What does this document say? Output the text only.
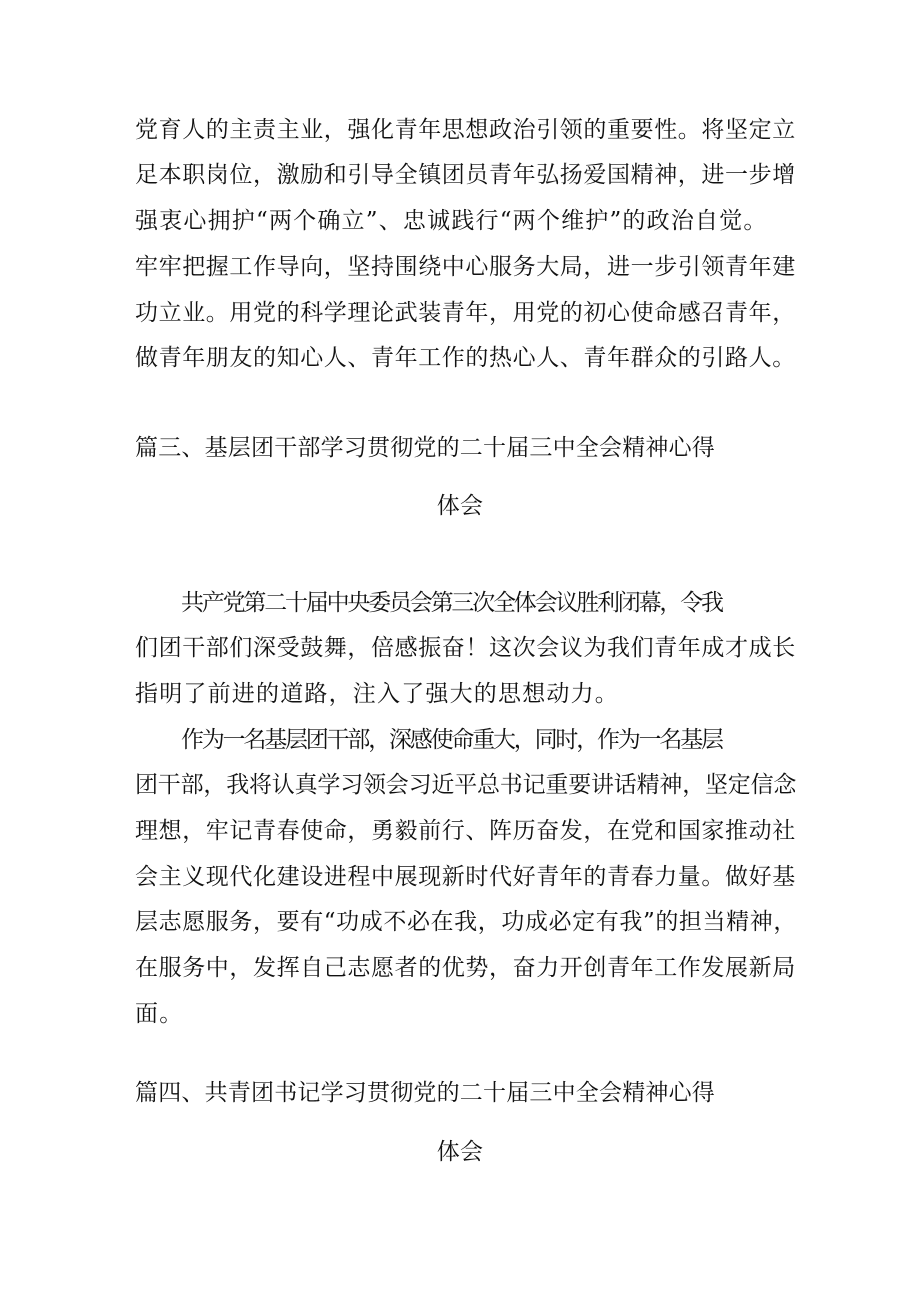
党育人的主责主业，强化青年思想政治引领的重要性。将坚定立

足本职岗位，激励和引导全镇团员青年弘扬爱国精神，进一步增

强衷心拥护“两个确立”、忠诚践行“两个维护”的政治自觉。

牢牢把握工作导向，坚持围绕中心服务大局，进一步引领青年建

功立业。用党的科学理论武装青年，用党的初心使命感召青年，

做青年朋友的知心人、青年工作的热心人、青年群众的引路人。

篇三、基层团干部学习贯彻党的二十届三中全会精神心得
体会

共产党第二十届中央委员会第三次全体会议胜利闭幕，令我

们团干部们深受鼓舞，倍感振奋！这次会议为我们青年成才成长

指明了前进的道路，注入了强大的思想动力。

作为一名基层团干部，深感使命重大，同时，作为一名基层

团干部，我将认真学习领会习近平总书记重要讲话精神，坚定信念

理想，牢记青春使命，勇毅前行、阵历奋发，在党和国家推动社

会主义现代化建设进程中展现新时代好青年的青春力量。做好基

层志愿服务，要有“功成不必在我，功成必定有我”的担当精神，

在服务中，发挥自己志愿者的优势，奋力开创青年工作发展新局

面。

篇四、共青团书记学习贯彻党的二十届三中全会精神心得
体会
